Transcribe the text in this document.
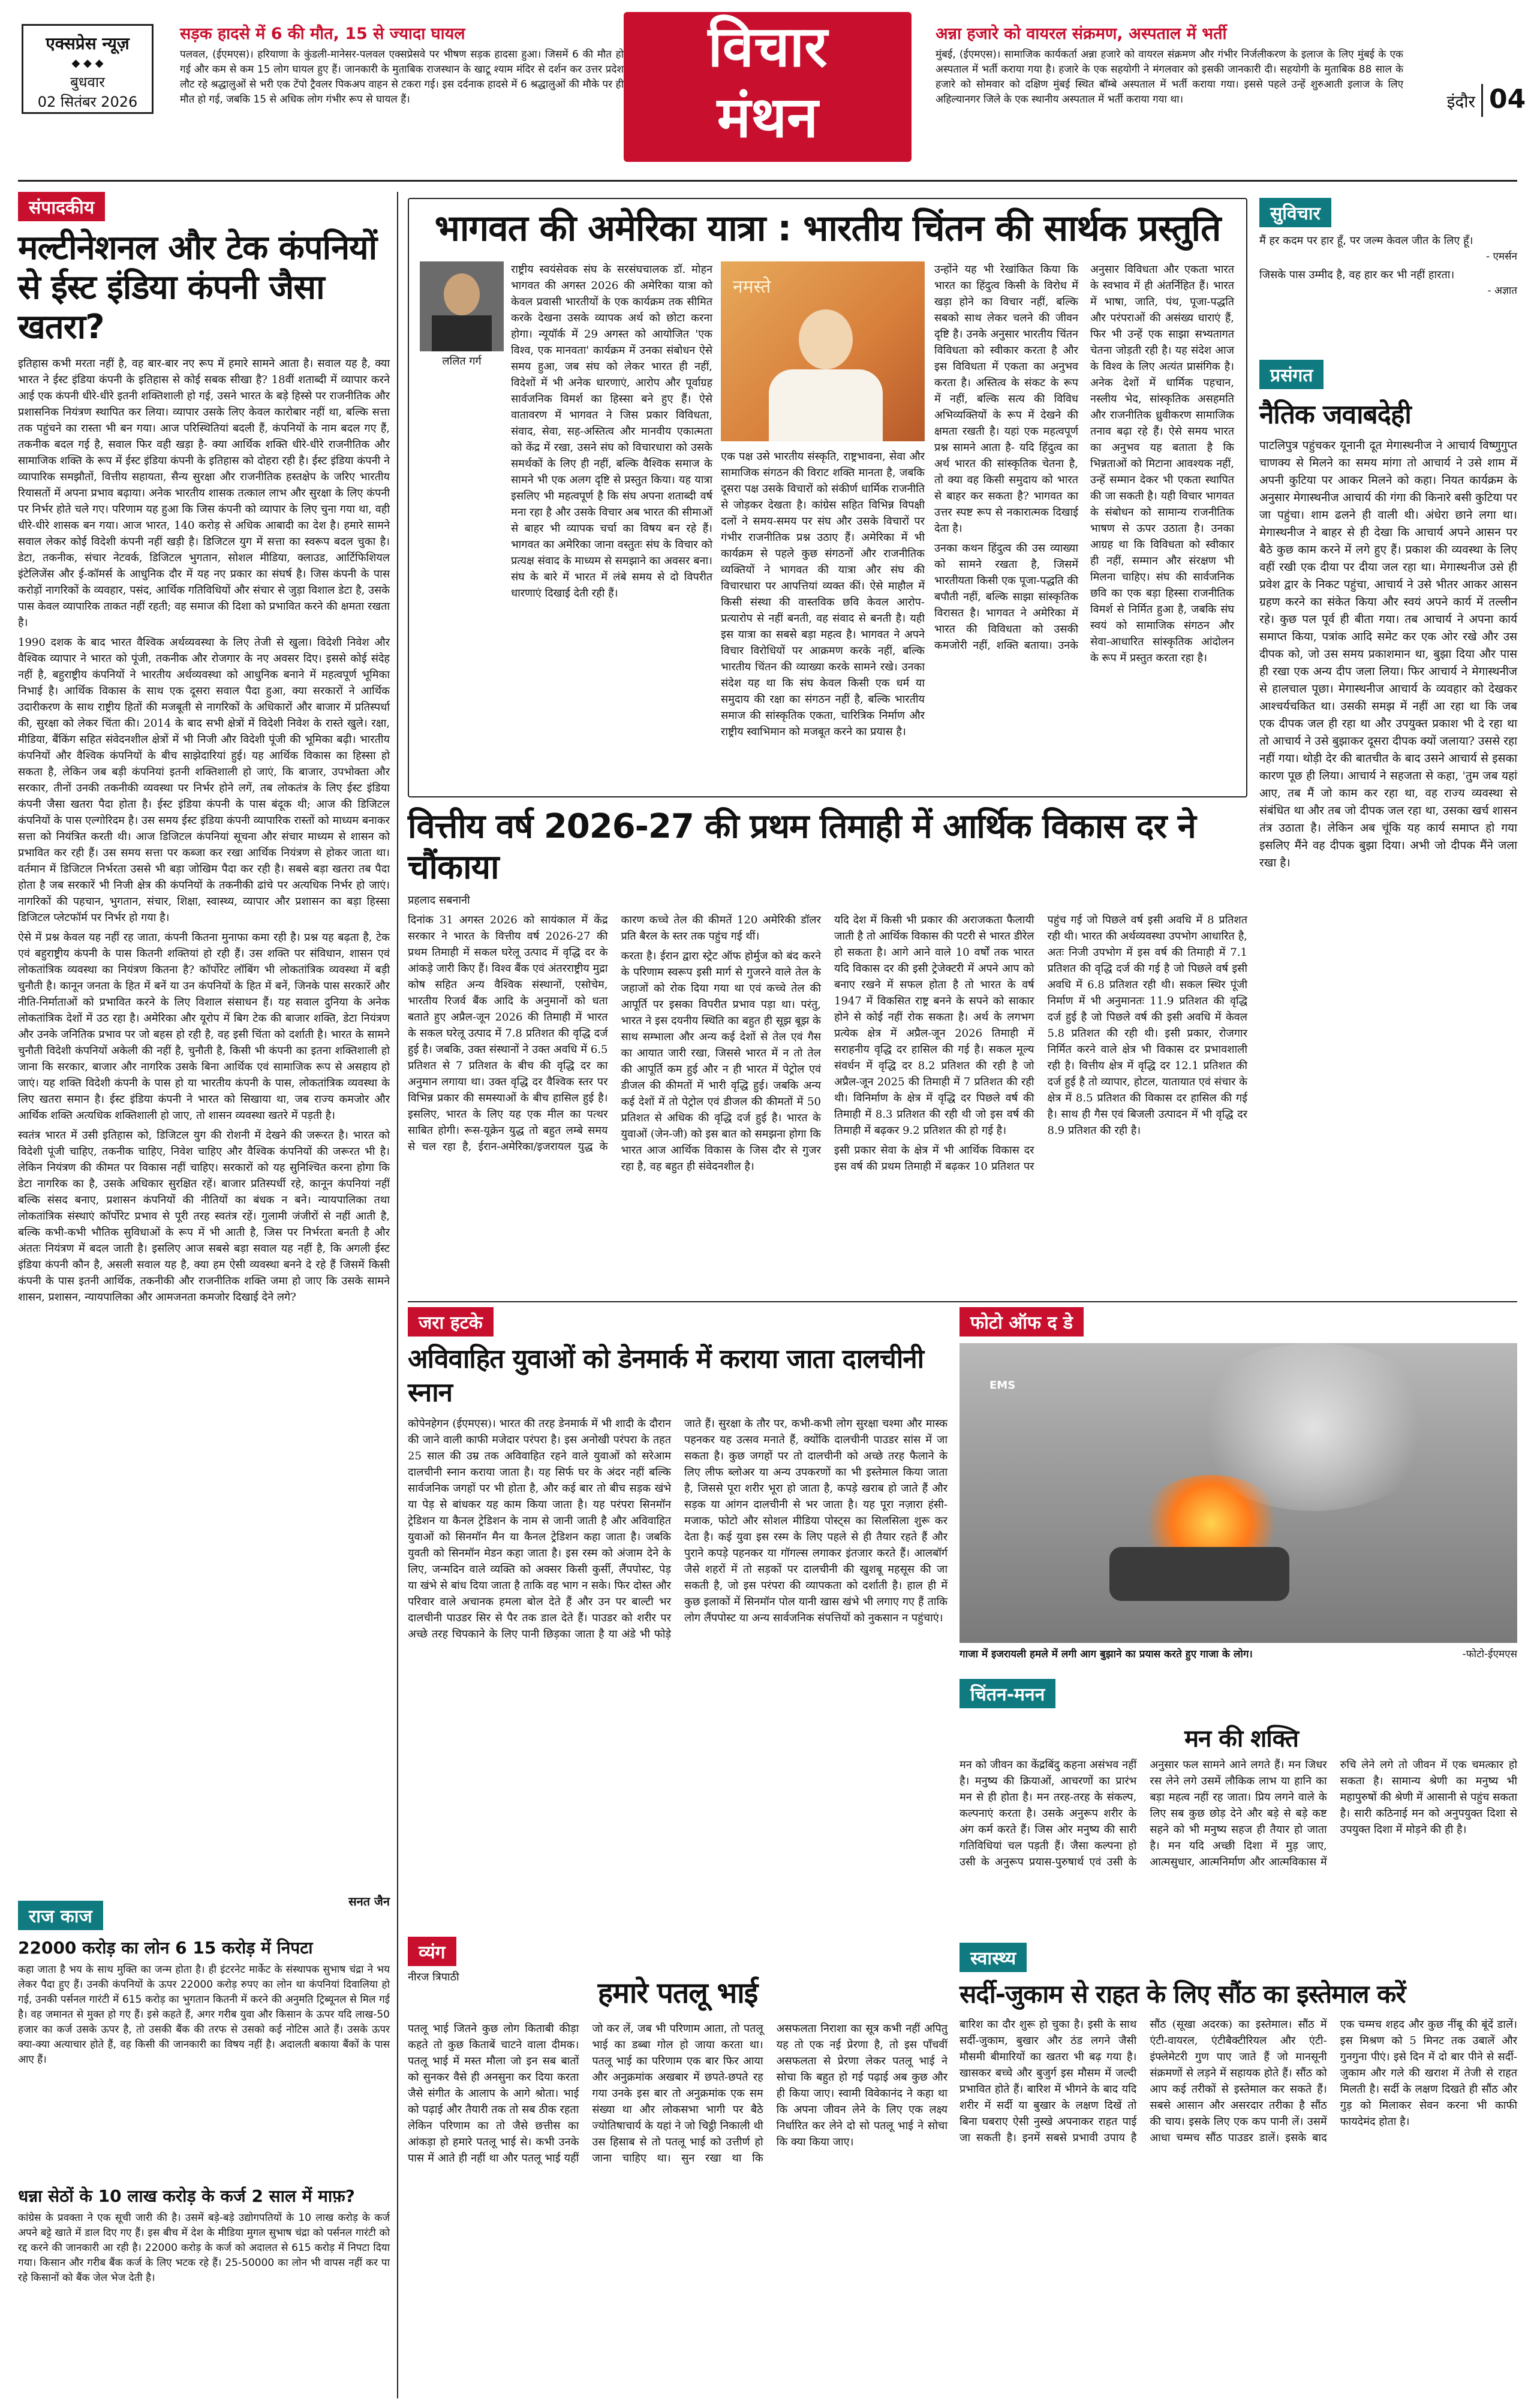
एक्सप्रेस न्यूज़
◆ ◆ ◆
बुधवार
02 सितंबर 2026
सड़क हादसे में 6 की मौत, 15 से ज्यादा घायल
पलवल, (ईएमएस)। हरियाणा के कुंडली-मानेसर-पलवल एक्सप्रेसवे पर भीषण सड़क हादसा हुआ। जिसमें 6 की मौत हो गई और कम से कम 15 लोग घायल हुए हैं। जानकारी के मुताबिक राजस्थान के खाटू श्याम मंदिर से दर्शन कर उत्तर प्रदेश लौट रहे श्रद्धालुओं से भरी एक टेंपो ट्रैवलर पिकअप वाहन से टकरा गई। इस दर्दनाक हादसे में 6 श्रद्धालुओं की मौके पर ही मौत हो गई, जबकि 15 से अधिक लोग गंभीर रूप से घायल हैं।
विचार
मंथन
अन्ना हजारे को वायरल संक्रमण, अस्पताल में भर्ती
मुंबई, (ईएमएस)। सामाजिक कार्यकर्ता अन्ना हजारे को वायरल संक्रमण और गंभीर निर्जलीकरण के इलाज के लिए मुंबई के एक अस्पताल में भर्ती कराया गया है। हजारे के एक सहयोगी ने मंगलवार को इसकी जानकारी दी। सहयोगी के मुताबिक 88 साल के हजारे को सोमवार को दक्षिण मुंबई स्थित बॉम्बे अस्पताल में भर्ती कराया गया। इससे पहले उन्हें शुरुआती इलाज के लिए अहिल्यानगर जिले के एक स्थानीय अस्पताल में भर्ती कराया गया था।	इंदौर 04
संपादकीय
मल्टीनेशनल और टेक कंपनियों से ईस्ट इंडिया कंपनी जैसा खतरा?

इतिहास कभी मरता नहीं है, वह बार-बार नए रूप में हमारे सामने आता है। सवाल यह है, क्या भारत ने ईस्ट इंडिया कंपनी के इतिहास से कोई सबक सीखा है? 18वीं शताब्दी में व्यापार करने आई एक कंपनी धीरे-धीरे इतनी शक्तिशाली हो गई, उसने भारत के बड़े हिस्से पर राजनीतिक और प्रशासनिक नियंत्रण स्थापित कर लिया। व्यापार उसके लिए केवल कारोबार नहीं था, बल्कि सत्ता तक पहुंचने का रास्ता भी बन गया। आज परिस्थितियां बदली हैं, कंपनियों के नाम बदल गए हैं, तकनीक बदल गई है, सवाल फिर वही खड़ा है- क्या आर्थिक शक्ति धीरे-धीरे राजनीतिक और सामाजिक शक्ति के रूप में ईस्ट इंडिया कंपनी के इतिहास को दोहरा रही है। ईस्ट इंडिया कंपनी ने व्यापारिक समझौतों, वित्तीय सहायता, सैन्य सुरक्षा और राजनीतिक हस्तक्षेप के जरिए भारतीय रियासतों में अपना प्रभाव बढ़ाया। अनेक भारतीय शासक तत्काल लाभ और सुरक्षा के लिए कंपनी पर निर्भर होते चले गए। परिणाम यह हुआ कि जिस कंपनी को व्यापार के लिए चुना गया था, वही धीरे-धीरे शासक बन गया। आज भारत, 140 करोड़ से अधिक आबादी का देश है। हमारे सामने सवाल लेकर कोई विदेशी कंपनी नहीं खड़ी है। डिजिटल युग में सत्ता का स्वरूप बदल चुका है। डेटा, तकनीक, संचार नेटवर्क, डिजिटल भुगतान, सोशल मीडिया, क्लाउड, आर्टिफिशियल इंटेलिजेंस और ई-कॉमर्स के आधुनिक दौर में यह नए प्रकार का संघर्ष है। जिस कंपनी के पास करोड़ों नागरिकों के व्यवहार, पसंद, आर्थिक गतिविधियों और संचार से जुड़ा विशाल डेटा है, उसके पास केवल व्यापारिक ताकत नहीं रहती; वह समाज की दिशा को प्रभावित करने की क्षमता रखता है।

1990 दशक के बाद भारत वैश्विक अर्थव्यवस्था के लिए तेजी से खुला। विदेशी निवेश और वैश्विक व्यापार ने भारत को पूंजी, तकनीक और रोजगार के नए अवसर दिए। इससे कोई संदेह नहीं है, बहुराष्ट्रीय कंपनियों ने भारतीय अर्थव्यवस्था को आधुनिक बनाने में महत्वपूर्ण भूमिका निभाई है। आर्थिक विकास के साथ एक दूसरा सवाल पैदा हुआ, क्या सरकारों ने आर्थिक उदारीकरण के साथ राष्ट्रीय हितों की मजबूती से नागरिकों के अधिकारों और बाजार में प्रतिस्पर्धा की, सुरक्षा को लेकर चिंता की। 2014 के बाद सभी क्षेत्रों में विदेशी निवेश के रास्ते खुले। रक्षा, मीडिया, बैंकिंग सहित संवेदनशील क्षेत्रों में भी निजी और विदेशी पूंजी की भूमिका बढ़ी। भारतीय कंपनियों और वैश्विक कंपनियों के बीच साझेदारियां हुई। यह आर्थिक विकास का हिस्सा हो सकता है, लेकिन जब बड़ी कंपनियां इतनी शक्तिशाली हो जाएं, कि बाजार, उपभोक्ता और सरकार, तीनों उनकी तकनीकी व्यवस्था पर निर्भर होने लगें, तब लोकतंत्र के लिए ईस्ट इंडिया कंपनी जैसा खतरा पैदा होता है। ईस्ट इंडिया कंपनी के पास बंदूक थी; आज की डिजिटल कंपनियों के पास एल्गोरिदम है। उस समय ईस्ट इंडिया कंपनी व्यापारिक रास्तों को माध्यम बनाकर सत्ता को नियंत्रित करती थी। आज डिजिटल कंपनियां सूचना और संचार माध्यम से शासन को प्रभावित कर रही हैं। उस समय सत्ता पर कब्जा कर रखा आर्थिक नियंत्रण से होकर जाता था। वर्तमान में डिजिटल निर्भरता उससे भी बड़ा जोखिम पैदा कर रही है। सबसे बड़ा खतरा तब पैदा होता है जब सरकारें भी निजी क्षेत्र की कंपनियों के तकनीकी ढांचे पर अत्यधिक निर्भर हो जाएं। नागरिकों की पहचान, भुगतान, संचार, शिक्षा, स्वास्थ्य, व्यापार और प्रशासन का बड़ा हिस्सा डिजिटल प्लेटफॉर्म पर निर्भर हो गया है।

ऐसे में प्रश्न केवल यह नहीं रह जाता, कंपनी कितना मुनाफा कमा रही है। प्रश्न यह बढ़ता है, टेक एवं बहुराष्ट्रीय कंपनी के पास कितनी शक्तियां हो रही हैं। उस शक्ति पर संविधान, शासन एवं लोकतांत्रिक व्यवस्था का नियंत्रण कितना है? कॉर्पोरेट लॉबिंग भी लोकतांत्रिक व्यवस्था में बड़ी चुनौती है। कानून जनता के हित में बनें या उन कंपनियों के हित में बनें, जिनके पास सरकारें और नीति-निर्माताओं को प्रभावित करने के लिए विशाल संसाधन हैं। यह सवाल दुनिया के अनेक लोकतांत्रिक देशों में उठ रहा है। अमेरिका और यूरोप में बिग टेक की बाजार शक्ति, डेटा नियंत्रण और उनके जनितिक प्रभाव पर जो बहस हो रही है, वह इसी चिंता को दर्शाती है। भारत के सामने चुनौती विदेशी कंपनियों अकेली की नहीं है, चुनौती है, किसी भी कंपनी का इतना शक्तिशाली हो जाना कि सरकार, बाजार और नागरिक उसके बिना आर्थिक एवं सामाजिक रूप से असहाय हो जाएं। यह शक्ति विदेशी कंपनी के पास हो या भारतीय कंपनी के पास, लोकतांत्रिक व्यवस्था के लिए खतरा समान है। ईस्ट इंडिया कंपनी ने भारत को सिखाया था, जब राज्य कमजोर और आर्थिक शक्ति अत्यधिक शक्तिशाली हो जाए, तो शासन व्यवस्था खतरे में पड़ती है।

स्वतंत्र भारत में उसी इतिहास को, डिजिटल युग की रोशनी में देखने की जरूरत है। भारत को विदेशी पूंजी चाहिए, तकनीक चाहिए, निवेश चाहिए और वैश्विक कंपनियों की जरूरत भी है। लेकिन नियंत्रण की कीमत पर विकास नहीं चाहिए। सरकारों को यह सुनिश्चित करना होगा कि डेटा नागरिक का है, उसके अधिकार सुरक्षित रहें। बाजार प्रतिस्पर्धी रहे, कानून कंपनियां नहीं बल्कि संसद बनाए, प्रशासन कंपनियों की नीतियों का बंधक न बने। न्यायपालिका तथा लोकतांत्रिक संस्थाएं कॉर्पोरेट प्रभाव से पूरी तरह स्वतंत्र रहें। गुलामी जंजीरों से नहीं आती है, बल्कि कभी-कभी भौतिक सुविधाओं के रूप में भी आती है, जिस पर निर्भरता बनती है और अंततः नियंत्रण में बदल जाती है। इसलिए आज सबसे बड़ा सवाल यह नहीं है, कि अगली ईस्ट इंडिया कंपनी कौन है, असली सवाल यह है, क्या हम ऐसी व्यवस्था बनने दे रहे हैं जिसमें किसी कंपनी के पास इतनी आर्थिक, तकनीकी और राजनीतिक शक्ति जमा हो जाए कि उसके सामने शासन, प्रशासन, न्यायपालिका और आमजनता कमजोर दिखाई देने लगे?

सनत जैन
राज काज
22000 करोड़ का लोन 6 15 करोड़ में निपटा
कहा जाता है भय के साथ मुक्ति का जन्म होता है। ही इंटरनेट मार्केट के संस्थापक सुभाष चंद्रा ने भय लेकर पैदा हुए हैं। उनकी कंपनियों के ऊपर 22000 करोड़ रुपए का लोन था कंपनियां दिवालिया हो गई, उनकी पर्सनल गारंटी में 615 करोड़ का भुगतान कितनी में करने की अनुमति ट्रिब्यूनल से मिल गई है। वह जमानत से मुक्त हो गए हैं। इसे कहते हैं, अगर गरीब युवा और किसान के ऊपर यदि लाख-50 हजार का कर्ज उसके ऊपर है, तो उसकी बैंक की तरफ से उसको कई नोटिस आते हैं। उसके ऊपर क्या-क्या अत्याचार होते हैं, वह किसी की जानकारी का विषय नहीं है। अदालती बकाया बैंकों के पास आए हैं।
धन्ना सेठों के 10 लाख करोड़ के कर्ज 2 साल में माफ़?
कांग्रेस के प्रवक्ता ने एक सूची जारी की है। उसमें बड़े-बड़े उद्योगपतियों के 10 लाख करोड़ के कर्ज अपने बट्टे खाते में डाल दिए गए हैं। इस बीच में देश के मीडिया मुगल सुभाष चंद्रा को पर्सनल गारंटी को रद्द करने की जानकारी आ रही है। 22000 करोड़ के कर्ज को अदालत से 615 करोड़ में निपटा दिया गया। किसान और गरीब बैंक कर्ज के लिए भटक रहे हैं। 25-50000 का लोन भी वापस नहीं कर पा रहे किसानों को बैंक जेल भेज देती है।
भागवत की अमेरिका यात्रा : भारतीय चिंतन की सार्थक प्रस्तुति
ललित गर्ग
नमस्ते

राष्ट्रीय स्वयंसेवक संघ के सरसंघचालक डॉ. मोहन भागवत की अगस्त 2026 की अमेरिका यात्रा को केवल प्रवासी भारतीयों के एक कार्यक्रम तक सीमित करके देखना उसके व्यापक अर्थ को छोटा करना होगा। न्यूयॉर्क में 29 अगस्त को आयोजित 'एक विश्व, एक मानवता' कार्यक्रम में उनका संबोधन ऐसे समय हुआ, जब संघ को लेकर भारत ही नहीं, विदेशों में भी अनेक धारणाएं, आरोप और पूर्वाग्रह सार्वजनिक विमर्श का हिस्सा बने हुए हैं। ऐसे वातावरण में भागवत ने जिस प्रकार विविधता, संवाद, सेवा, सह-अस्तित्व और मानवीय एकात्मता को केंद्र में रखा, उसने संघ को विचारधारा को उसके समर्थकों के लिए ही नहीं, बल्कि वैश्विक समाज के सामने भी एक अलग दृष्टि से प्रस्तुत किया। यह यात्रा इसलिए भी महत्वपूर्ण है कि संघ अपना शताब्दी वर्ष मना रहा है और उसके विचार अब भारत की सीमाओं से बाहर भी व्यापक चर्चा का विषय बन रहे हैं। भागवत का अमेरिका जाना वस्तुतः संघ के विचार को प्रत्यक्ष संवाद के माध्यम से समझाने का अवसर बना। संघ के बारे में भारत में लंबे समय से दो विपरीत धारणाएं दिखाई देती रही हैं।

एक पक्ष उसे भारतीय संस्कृति, राष्ट्रभावना, सेवा और सामाजिक संगठन की विराट शक्ति मानता है, जबकि दूसरा पक्ष उसके विचारों को संकीर्ण धार्मिक राजनीति से जोड़कर देखता है। कांग्रेस सहित विभिन्न विपक्षी दलों ने समय-समय पर संघ और उसके विचारों पर गंभीर राजनीतिक प्रश्न उठाए हैं। अमेरिका में भी कार्यक्रम से पहले कुछ संगठनों और राजनीतिक व्यक्तियों ने भागवत की यात्रा और संघ की विचारधारा पर आपत्तियां व्यक्त कीं। ऐसे माहौल में किसी संस्था की वास्तविक छवि केवल आरोप-प्रत्यारोप से नहीं बनती, वह संवाद से बनती है। यही इस यात्रा का सबसे बड़ा महत्व है। भागवत ने अपने विचार विरोधियों पर आक्रमण करके नहीं, बल्कि भारतीय चिंतन की व्याख्या करके सामने रखे। उनका संदेश यह था कि संघ केवल किसी एक धर्म या समुदाय की रक्षा का संगठन नहीं है, बल्कि भारतीय समाज की सांस्कृतिक एकता, चारित्रिक निर्माण और राष्ट्रीय स्वाभिमान को मजबूत करने का प्रयास है।

उन्होंने यह भी रेखांकित किया कि भारत का हिंदुत्व किसी के विरोध में खड़ा होने का विचार नहीं, बल्कि सबको साथ लेकर चलने की जीवन दृष्टि है। उनके अनुसार भारतीय चिंतन विविधता को स्वीकार करता है और इस विविधता में एकता का अनुभव करता है। अस्तित्व के संकट के रूप में नहीं, बल्कि सत्य की विविध अभिव्यक्तियों के रूप में देखने की क्षमता रखती है। यहां एक महत्वपूर्ण प्रश्न सामने आता है- यदि हिंदुत्व का अर्थ भारत की सांस्कृतिक चेतना है, तो क्या वह किसी समुदाय को भारत से बाहर कर सकता है? भागवत का उत्तर स्पष्ट रूप से नकारात्मक दिखाई देता है।

उनका कथन हिंदुत्व की उस व्याख्या को सामने रखता है, जिसमें भारतीयता किसी एक पूजा-पद्धति की बपौती नहीं, बल्कि साझा सांस्कृतिक विरासत है। भागवत ने अमेरिका में भारत की विविधता को उसकी कमजोरी नहीं, शक्ति बताया। उनके अनुसार विविधता और एकता भारत के स्वभाव में ही अंतर्निहित हैं। भारत में भाषा, जाति, पंथ, पूजा-पद्धति और परंपराओं की असंख्य धाराएं हैं, फिर भी उन्हें एक साझा सभ्यतागत चेतना जोड़ती रही है। यह संदेश आज के विश्व के लिए अत्यंत प्रासंगिक है। अनेक देशों में धार्मिक पहचान, नस्लीय भेद, सांस्कृतिक असहमति और राजनीतिक ध्रुवीकरण सामाजिक तनाव बढ़ा रहे हैं। ऐसे समय भारत का अनुभव यह बताता है कि भिन्नताओं को मिटाना आवश्यक नहीं, उन्हें सम्मान देकर भी एकता स्थापित की जा सकती है। यही विचार भागवत के संबोधन को सामान्य राजनीतिक भाषण से ऊपर उठाता है। उनका आग्रह था कि विविधता को स्वीकार ही नहीं, सम्मान और संरक्षण भी मिलना चाहिए। संघ की सार्वजनिक छवि का एक बड़ा हिस्सा राजनीतिक विमर्श से निर्मित हुआ है, जबकि संघ स्वयं को सामाजिक संगठन और सेवा-आधारित सांस्कृतिक आंदोलन के रूप में प्रस्तुत करता रहा है।

सुविचार
मैं हर कदम पर हार हूँ, पर जल्म केवल जीत के लिए हूँ।
- एमर्सन
जिसके पास उम्मीद है, वह हार कर भी नहीं हारता।
- अज्ञात
प्रसंगत
नैतिक जवाबदेही
पाटलिपुत्र पहुंचकर यूनानी दूत मेगास्थनीज ने आचार्य विष्णुगुप्त चाणक्य से मिलने का समय मांगा तो आचार्य ने उसे शाम में अपनी कुटिया पर आकर मिलने को कहा। नियत कार्यक्रम के अनुसार मेगास्थनीज आचार्य की गंगा की किनारे बसी कुटिया पर जा पहुंचा। शाम ढलने ही वाली थी। अंधेरा छाने लगा था। मेगास्थनीज ने बाहर से ही देखा कि आचार्य अपने आसन पर बैठे कुछ काम करने में लगे हुए हैं। प्रकाश की व्यवस्था के लिए वहीं रखी एक दीया पर दीया जल रहा था। मेगास्थनीज उसे ही प्रवेश द्वार के निकट पहुंचा, आचार्य ने उसे भीतर आकर आसन ग्रहण करने का संकेत किया और स्वयं अपने कार्य में तल्लीन रहे। कुछ पल पूर्व ही बीता गया। तब आचार्य ने अपना कार्य समाप्त किया, पत्रांक आदि समेट कर एक ओर रखे और उस दीपक को, जो उस समय प्रकाशमान था, बुझा दिया और पास ही रखा एक अन्य दीप जला लिया। फिर आचार्य ने मेगास्थनीज से हालचाल पूछा। मेगास्थनीज आचार्य के व्यवहार को देखकर आश्चर्यचकित था। उसकी समझ में नहीं आ रहा था कि जब एक दीपक जल ही रहा था और उपयुक्त प्रकाश भी दे रहा था तो आचार्य ने उसे बुझाकर दूसरा दीपक क्यों जलाया? उससे रहा नहीं गया। थोड़ी देर की बातचीत के बाद उसने आचार्य से इसका कारण पूछ ही लिया। आचार्य ने सहजता से कहा, 'तुम जब यहां आए, तब मैं जो काम कर रहा था, वह राज्य व्यवस्था से संबंधित था और तब जो दीपक जल रहा था, उसका खर्च शासन तंत्र उठाता है। लेकिन अब चूंकि यह कार्य समाप्त हो गया इसलिए मैंने वह दीपक बुझा दिया। अभी जो दीपक मैंने जला रखा है।
वित्तीय वर्ष 2026-27 की प्रथम तिमाही में आर्थिक विकास दर ने चौंकाया
प्रहलाद सबनानी

दिनांक 31 अगस्त 2026 को सायंकाल में केंद्र सरकार ने भारत के वित्तीय वर्ष 2026-27 की प्रथम तिमाही में सकल घरेलू उत्पाद में वृद्धि दर के आंकड़े जारी किए हैं। विश्व बैंक एवं अंतरराष्ट्रीय मुद्रा कोष सहित अन्य वैश्विक संस्थानों, एसोचेम, भारतीय रिजर्व बैंक आदि के अनुमानों को धता बताते हुए अप्रैल-जून 2026 की तिमाही में भारत के सकल घरेलू उत्पाद में 7.8 प्रतिशत की वृद्धि दर्ज हुई है। जबकि, उक्त संस्थानों ने उक्त अवधि में 6.5 प्रतिशत से 7 प्रतिशत के बीच की वृद्धि दर का अनुमान लगाया था। उक्त वृद्धि दर वैश्विक स्तर पर विभिन्न प्रकार की समस्याओं के बीच हासिल हुई है। इसलिए, भारत के लिए यह एक मील का पत्थर साबित होगी। रूस-यूक्रेन युद्ध तो बहुत लम्बे समय से चल रहा है, ईरान-अमेरिका/इजरायल युद्ध के कारण कच्चे तेल की कीमतें 120 अमेरिकी डॉलर प्रति बैरल के स्तर तक पहुंच गई थीं।

करता है। ईरान द्वारा स्ट्रेट ऑफ होर्मुज को बंद करने के परिणाम स्वरूप इसी मार्ग से गुजरने वाले तेल के जहाजों को रोक दिया गया था एवं कच्चे तेल की आपूर्ति पर इसका विपरीत प्रभाव पड़ा था। परंतु, भारत ने इस दयनीय स्थिति का बहुत ही सूझ बूझ के साथ सम्भाला और अन्य कई देशों से तेल एवं गैस का आयात जारी रखा, जिससे भारत में न तो तेल की आपूर्ति कम हुई और न ही भारत में पेट्रोल एवं डीजल की कीमतों में भारी वृद्धि हुई। जबकि अन्य कई देशों में तो पेट्रोल एवं डीजल की कीमतों में 50 प्रतिशत से अधिक की वृद्धि दर्ज हुई है। भारत के युवाओं (जेन-जी) को इस बात को समझना होगा कि भारत आज आर्थिक विकास के जिस दौर से गुजर रहा है, वह बहुत ही संवेदनशील है।

यदि देश में किसी भी प्रकार की अराजकता फैलायी जाती है तो आर्थिक विकास की पटरी से भारत डीरेल हो सकता है। आगे आने वाले 10 वर्षों तक भारत यदि विकास दर की इसी ट्रेजेक्टरी में अपने आप को बनाए रखने में सफल होता है तो भारत के वर्ष 1947 में विकसित राष्ट्र बनने के सपने को साकार होने से कोई नहीं रोक सकता है। अर्थ के लगभग प्रत्येक क्षेत्र में अप्रैल-जून 2026 तिमाही में सराहनीय वृद्धि दर हासिल की गई है। सकल मूल्य संवर्धन में वृद्धि दर 8.2 प्रतिशत की रही है जो अप्रैल-जून 2025 की तिमाही में 7 प्रतिशत की रही थी। विनिर्माण के क्षेत्र में वृद्धि दर पिछले वर्ष की तिमाही में 8.3 प्रतिशत की रही थी जो इस वर्ष की तिमाही में बढ़कर 9.2 प्रतिशत की हो गई है।

इसी प्रकार सेवा के क्षेत्र में भी आर्थिक विकास दर इस वर्ष की प्रथम तिमाही में बढ़कर 10 प्रतिशत पर पहुंच गई जो पिछले वर्ष इसी अवधि में 8 प्रतिशत रही थी। भारत की अर्थव्यवस्था उपभोग आधारित है, अतः निजी उपभोग में इस वर्ष की तिमाही में 7.1 प्रतिशत की वृद्धि दर्ज की गई है जो पिछले वर्ष इसी अवधि में 6.8 प्रतिशत रही थी। सकल स्थिर पूंजी निर्माण में भी अनुमानतः 11.9 प्रतिशत की वृद्धि दर्ज हुई है जो पिछले वर्ष की इसी अवधि में केवल 5.8 प्रतिशत की रही थी। इसी प्रकार, रोजगार निर्मित करने वाले क्षेत्र भी विकास दर प्रभावशाली रही है। वित्तीय क्षेत्र में वृद्धि दर 12.1 प्रतिशत की दर्ज हुई है तो व्यापार, होटल, यातायात एवं संचार के क्षेत्र में 8.5 प्रतिशत की विकास दर हासिल की गई है। साथ ही गैस एवं बिजली उत्पादन में भी वृद्धि दर 8.9 प्रतिशत की रही है।

जरा हटके
अविवाहित युवाओं को डेनमार्क में कराया जाता दालचीनी स्नान
कोपेनहेगन (ईएमएस)। भारत की तरह डेनमार्क में भी शादी के दौरान की जाने वाली काफी मजेदार परंपरा है। इस अनोखी परंपरा के तहत 25 साल की उम्र तक अविवाहित रहने वाले युवाओं को सरेआम दालचीनी स्नान कराया जाता है। यह सिर्फ घर के अंदर नहीं बल्कि सार्वजनिक जगहों पर भी होता है, और कई बार तो बीच सड़क खंभे या पेड़ से बांधकर यह काम किया जाता है। यह परंपरा सिनमॉन ट्रेडिशन या कैनल ट्रेडिशन के नाम से जानी जाती है और अविवाहित युवाओं को सिनमॉन मैन या कैनल ट्रेडिशन कहा जाता है। जबकि युवती को सिनमॉन मेडन कहा जाता है। इस रस्म को अंजाम देने के लिए, जन्मदिन वाले व्यक्ति को अक्सर किसी कुर्सी, लैंपपोस्ट, पेड़ या खंभे से बांध दिया जाता है ताकि वह भाग न सके। फिर दोस्त और परिवार वाले अचानक हमला बोल देते हैं और उन पर बाल्टी भर दालचीनी पाउडर सिर से पैर तक डाल देते हैं। पाउडर को शरीर पर अच्छे तरह चिपकाने के लिए पानी छिड़का जाता है या अंडे भी फोड़े जाते हैं। सुरक्षा के तौर पर, कभी-कभी लोग सुरक्षा चश्मा और मास्क पहनकर यह उत्सव मनाते हैं, क्योंकि दालचीनी पाउडर सांस में जा सकता है। कुछ जगहों पर तो दालचीनी को अच्छे तरह फैलाने के लिए लीफ ब्लोअर या अन्य उपकरणों का भी इस्तेमाल किया जाता है, जिससे पूरा शरीर भूरा हो जाता है, कपड़े खराब हो जाते हैं और सड़क या आंगन दालचीनी से भर जाता है। यह पूरा नज़ारा हंसी-मजाक, फोटो और सोशल मीडिया पोस्ट्स का सिलसिला शुरू कर देता है। कई युवा इस रस्म के लिए पहले से ही तैयार रहते हैं और पुराने कपड़े पहनकर या गॉगल्स लगाकर इंतजार करते हैं। आलबॉर्ग जैसे शहरों में तो सड़कों पर दालचीनी की खुशबू महसूस की जा सकती है, जो इस परंपरा की व्यापकता को दर्शाती है। हाल ही में कुछ इलाकों में सिनमॉन पोल यानी खास खंभे भी लगाए गए हैं ताकि लोग लैंपपोस्ट या अन्य सार्वजनिक संपत्तियों को नुकसान न पहुंचाएं।
फोटो ऑफ द डे
EMS
गाजा में इजरायली हमले में लगी आग बुझाने का प्रयास करते हुए गाजा के लोग।	-फोटो-ईएमएस
चिंतन-मनन
मन की शक्ति
मन को जीवन का केंद्रबिंदु कहना असंभव नहीं है। मनुष्य की क्रियाओं, आचरणों का प्रारंभ मन से ही होता है। मन तरह-तरह के संकल्प, कल्पनाएं करता है। उसके अनुरूप शरीर के अंग कर्म करते हैं। जिस ओर मनुष्य की सारी गतिविधियां चल पड़ती हैं। जैसा कल्पना हो उसी के अनुरूप प्रयास-पुरुषार्थ एवं उसी के अनुसार फल सामने आने लगते हैं। मन जिधर रस लेने लगे उसमें लौकिक लाभ या हानि का बड़ा महत्व नहीं रह जाता। प्रिय लगने वाले के लिए सब कुछ छोड़ देने और बड़े से बड़े कष्ट सहने को भी मनुष्य सहज ही तैयार हो जाता है। मन यदि अच्छी दिशा में मुड़ जाए, आत्मसुधार, आत्मनिर्माण और आत्मविकास में रुचि लेने लगे तो जीवन में एक चमत्कार हो सकता है। सामान्य श्रेणी का मनुष्य भी महापुरुषों की श्रेणी में आसानी से पहुंच सकता है। सारी कठिनाई मन को अनुपयुक्त दिशा से उपयुक्त दिशा में मोड़ने की ही है।
व्यंग
नीरज त्रिपाठी	हमारे पतलू भाई
पतलू भाई जितने कुछ लोग किताबी कीड़ा कहते तो कुछ किताबें चाटने वाला दीमक। पतलू भाई में मस्त मौला जो इन सब बातों को सुनकर वैसे ही अनसुना कर दिया करता जैसे संगीत के आलाप के आगे श्रोता। भाई को पढ़ाई और तैयारी तक तो सब ठीक रहता लेकिन परिणाम का तो जैसे छत्तीस का आंकड़ा हो हमारे पतलू भाई से। कभी उनके पास में आते ही नहीं था और पतलू भाई यहीं जो कर लें, जब भी परिणाम आता, तो पतलू भाई का डब्बा गोल हो जाया करता था। पतलू भाई का परिणाम एक बार फिर आया और अनुक्रमांक अखबार में छपते-छपते रह गया उनके इस बार तो अनुक्रमांक एक सम संख्या था और लोकसभा भागी पर बैठे ज्योतिषाचार्य के यहां ने जो चिट्ठी निकाली थी उस हिसाब से तो पतलू भाई को उत्तीर्ण हो जाना चाहिए था। सुन रखा था कि असफलता निराशा का सूत्र कभी नहीं अपितु यह तो एक नई प्रेरणा है, तो इस पाँचवीं असफलता से प्रेरणा लेकर पतलू भाई ने सोचा कि बहुत हो गई पढ़ाई अब कुछ और ही किया जाए। स्वामी विवेकानंद ने कहा था कि अपना जीवन लेने के लिए एक लक्ष्य निर्धारित कर लेने दो सो पतलू भाई ने सोचा कि क्या किया जाए।
स्वास्थ्य
सर्दी-जुकाम से राहत के लिए सौंठ का इस्तेमाल करें
बारिश का दौर शुरू हो चुका है। इसी के साथ सर्दी-जुकाम, बुखार और ठंड लगने जैसी मौसमी बीमारियों का खतरा भी बढ़ गया है। खासकर बच्चे और बुजुर्ग इस मौसम में जल्दी प्रभावित होते हैं। बारिश में भीगने के बाद यदि शरीर में सर्दी या बुखार के लक्षण दिखें तो बिना घबराए ऐसी नुस्खे अपनाकर राहत पाई जा सकती है। इनमें सबसे प्रभावी उपाय है सौंठ (सूखा अदरक) का इस्तेमाल। सौंठ में एंटी-वायरल, एंटीबैक्टीरियल और एंटी-इंफ्लेमेटरी गुण पाए जाते हैं जो मानसूनी संक्रमणों से लड़ने में सहायक होते हैं। सौंठ को आप कई तरीकों से इस्तेमाल कर सकते हैं। सबसे आसान और असरदार तरीका है सौंठ की चाय। इसके लिए एक कप पानी लें। उसमें आधा चम्मच सौंठ पाउडर डालें। इसके बाद एक चम्मच शहद और कुछ नींबू की बूंदें डालें। इस मिश्रण को 5 मिनट तक उबालें और गुनगुना पीएं। इसे दिन में दो बार पीने से सर्दी-जुकाम और गले की खराश में तेजी से राहत मिलती है। सर्दी के लक्षण दिखते ही सौंठ और गुड़ को मिलाकर सेवन करना भी काफी फायदेमंद होता है।
